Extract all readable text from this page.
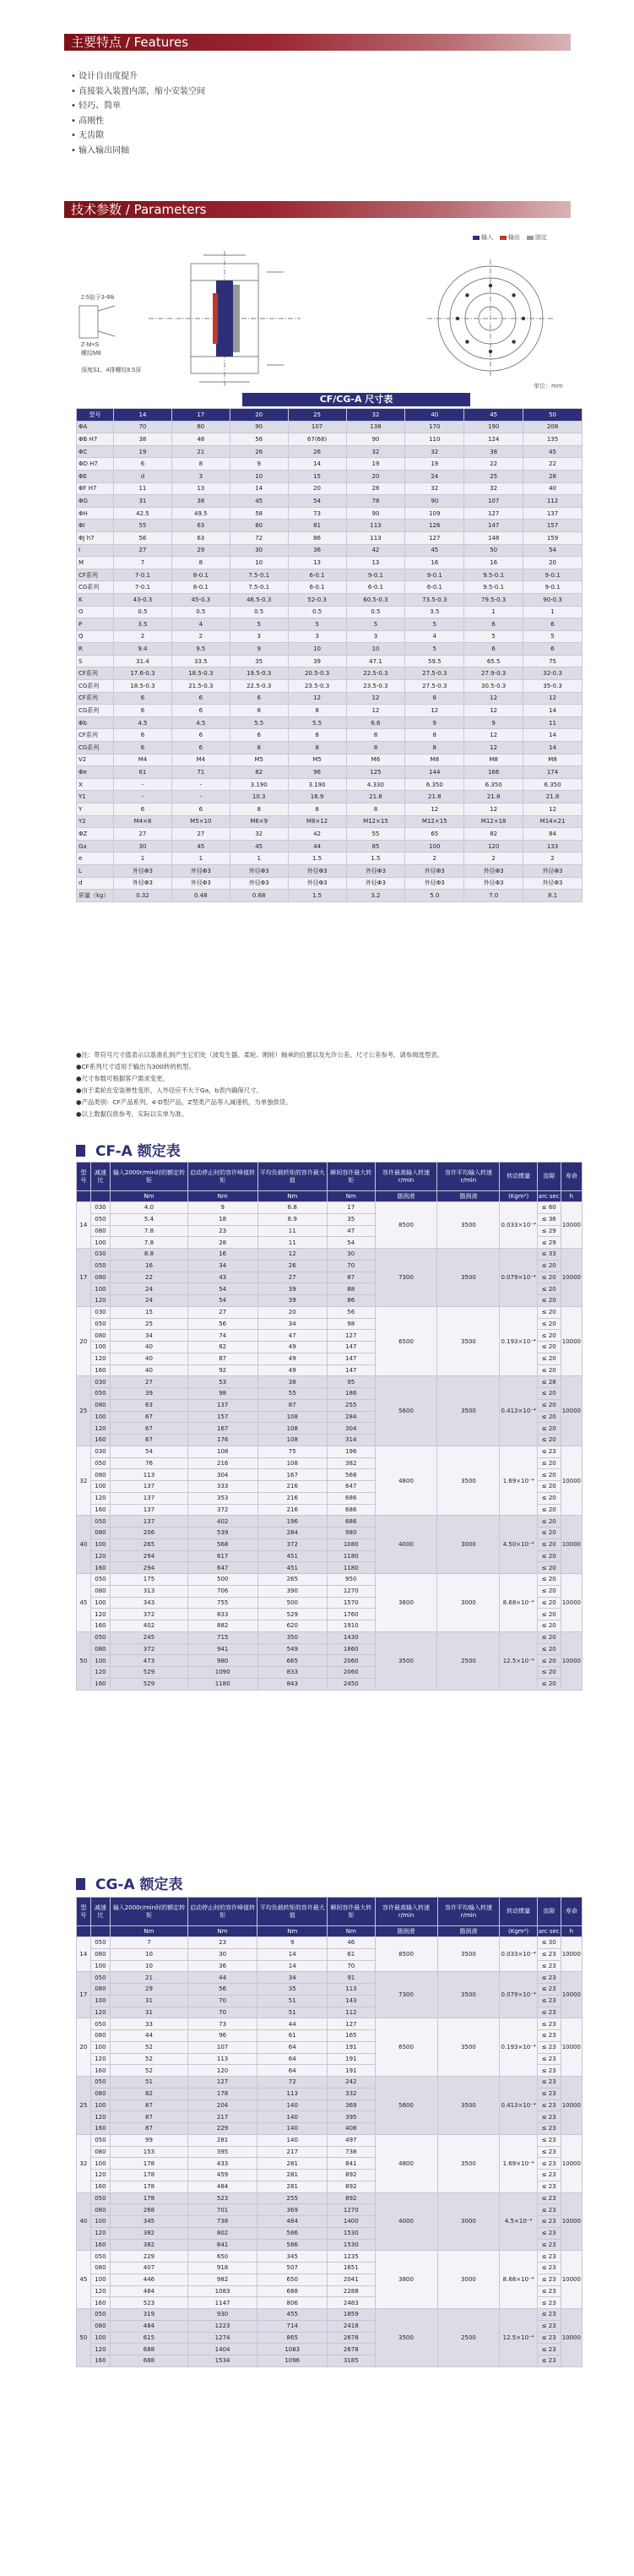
主要特点 / Features
• 设计自由度提升
• 直接装入装置内部，缩小安装空间
• 轻巧、简单
• 高刚性
• 无齿隙
• 输入输出同轴
技术参数 / Parameters
输入	输出	固定
2.5倍于3-Φb
Z-M×S
螺纹M8
深度S1、4排螺纹8.5深
单位：mm
CF/CG-A 尺寸表
型号	14	17	20	25	32	40	45	50
ΦA	70	80	90	107	138	170	190	208
ΦB H7	38	48	56	67(68)	90	110	124	135
ΦC	19	21	26	26	32	32	38	45
ΦD H7	6	8	9	14	19	19	22	22
ΦE	d	3	10	15	20	24	25	28
ΦF H7	11	13	14	20	28	32	32	40
ΦG	31	38	45	54	78	90	107	112
ΦH	42.5	49.5	58	73	90	109	127	137
ΦI	55	63	80	81	113	126	147	157
ΦJ h7	56	63	72	86	113	127	148	159
I	27	29	30	36	42	45	50	54
M	7	8	10	13	13	16	16	20
CF系列	7-0.1	8-0.1	7.5-0.1	6-0.1	9-0.1	9-0.1	9.5-0.1	9-0.1
CG系列	7-0.1	8-0.1	7.5-0.1	6-0.1	6-0.1	6-0.1	9.5-0.1	9-0.1
K	43-0.3	45-0.3	46.5-0.3	52-0.3	60.5-0.3	73.5-0.3	79.5-0.3	90-0.3
O	0.5	0.5	0.5	0.5	0.5	3.5	1	1
P	3.5	4	5	5	5	5	6	6
Q	2	2	3	3	3	4	5	5
R	9.4	9.5	9	10	10	5	6	6
S	31.4	33.5	35	39	47.1	59.5	65.5	75
CF系列	17.6-0.3	18.5-0.3	19.5-0.3	20.5-0.3	22.5-0.3	27.5-0.3	27.9-0.3	32-0.3
CG系列	18.5-0.3	21.5-0.3	22.5-0.3	23.5-0.3	23.5-0.3	27.5-0.3	30.5-0.3	35-0.3
CF系列	6	6	6	12	12	8	12	12
CG系列	6	6	8	8	12	12	12	14
Φb	4.5	4.5	5.5	5.5	6.6	9	9	11
CF系列	6	6	6	8	8	8	12	14
CG系列	6	6	8	8	8	8	12	14
V2	M4	M4	M5	M5	M6	M8	M8	M8
Φe	61	71	82	96	125	144	166	174
X	-	-	3.190	3.190	4.330	6.350	6.350	6.350
Y1	-	-	10.3	16.9	21.8	21.8	21.8	21.8
Y	6	6	8	8	8	12	12	12
Y2	M4×8	M5×10	M6×9	M8×12	M12×15	M12×15	M12×18	M14×21
ΦZ	27	27	32	42	55	65	82	84
Ga	30	45	45	44	85	100	120	133
e	1	1	1	1.5	1.5	2	2	2
L	外径Φ3	外径Φ3	外径Φ3	外径Φ3	外径Φ3	外径Φ3	外径Φ3	外径Φ3
d	外径Φ3	外径Φ3	外径Φ3	外径Φ3	外径Φ3	外径Φ3	外径Φ3	外径Φ3
质量（kg）	0.32	0.48	0.68	1.5	3.2	5.0	7.0	8.1
●注：带符号尺寸值表示以基准孔到产生它们处（波发生器、柔轮、刚轮）轴承的位置以及允许公差。尺寸公差参考，请参阅选型表。
●CF系列尺寸适用于输出为300转的机型。
●尺寸参数可根据客户需求变更。
●由于柔轮在安装弹性变形，入外径应不大于Ga，b表内确保尺寸。
●产品类别：CF产品系列、4-D型产品，Z型类产品等入减速机，为单独供货。
●以上数据仅供参考，实际以实单为准。
CF-A 额定表
型号	减速比	输入2000r/min时的额定转矩	启动停止时的容许峰值转矩	平均负载转矩的容许最大值	瞬间容许最大转矩	容许最高输入转速r/min	容许平均输入转速r/min	转动惯量	齿隙	寿命
		Nm	Nm	Nm	Nm	脂润滑	脂润滑	(Kgm²)	arc sec	h
14	030	4.0	9	6.8	17	8500	3500	0.033×10⁻⁴	≤ 60	10000
	050	5.4	18	6.9	35				≤ 36	
	080	7.8	23	11	47				≤ 29	
	100	7.8	28	11	54				≤ 29	
17	030	8.8	16	12	30	7300	3500	0.079×10⁻⁴	≤ 33	10000
	050	16	34	26	70				≤ 20	
	080	22	43	27	87				≤ 20	
	100	24	54	39	88				≤ 20	
	120	24	54	39	86				≤ 20	
20	030	15	27	20	56	6500	3500	0.193×10⁻⁴	≤ 20	10000
	050	25	56	34	98				≤ 20	
	080	34	74	47	127				≤ 20	
	100	40	82	49	147				≤ 20	
	120	40	87	49	147				≤ 20	
	160	40	92	49	147				≤ 20	
25	030	27	53	38	95	5600	3500	0.413×10⁻⁴	≤ 28	10000
	050	39	98	55	186				≤ 20	
	080	63	137	87	255				≤ 20	
	100	67	157	108	284				≤ 20	
	120	67	167	108	304				≤ 20	
	160	67	176	108	314				≤ 20	
32	030	54	108	75	196	4800	3500	1.69×10⁻⁴	≤ 23	10000
	050	76	216	108	382				≤ 20	
	080	113	304	167	568				≤ 20	
	100	137	333	216	647				≤ 20	
	120	137	353	216	686				≤ 20	
	160	137	372	216	686				≤ 20	
40	050	137	402	196	686	4000	3000	4.50×10⁻⁴	≤ 20	10000
	080	206	539	284	980				≤ 20	
	100	265	568	372	1080				≤ 20	
	120	294	617	451	1180				≤ 20	
	160	294	647	451	1180				≤ 20	
45	050	175	500	265	950	3800	3000	8.68×10⁻⁴	≤ 20	10000
	080	313	706	390	1270				≤ 20	
	100	343	755	500	1570				≤ 20	
	120	372	833	529	1760				≤ 20	
	160	402	882	620	1910				≤ 20	
50	050	245	715	350	1430	3500	2500	12.5×10⁻⁴	≤ 20	10000
	080	372	941	549	1860				≤ 20	
	100	473	980	665	2060				≤ 20	
	120	529	1090	833	2060				≤ 20	
	160	529	1180	843	2450				≤ 20	
CG-A 额定表
型号	减速比	输入2000r/min时的额定转矩	启动停止时的容许峰值转矩	平均负载转矩的容许最大值	瞬间容许最大转矩	容许最高输入转速r/min	容许平均输入转速r/min	转动惯量	齿隙	寿命
		Nm	Nm	Nm	Nm	脂润滑	脂润滑	(Kgm²)	arc sec	h
14	050	7	23	9	46	8500	3500	0.033×10⁻⁴	≤ 30	10000
	080	10	30	14	61				≤ 23	
	100	10	36	14	70				≤ 23	
17	050	21	44	34	91	7300	3500	0.079×10⁻⁴	≤ 23	10000
	080	29	56	35	113				≤ 23	
	100	31	70	51	143				≤ 23	
	120	31	70	51	112				≤ 23	
20	050	33	73	44	127	6500	3500	0.193×10⁻⁴	≤ 23	10000
	080	44	96	61	165				≤ 23	
	100	52	107	64	191				≤ 23	
	120	52	113	64	191				≤ 23	
	160	52	120	64	191				≤ 23	
25	050	51	127	72	242	5600	3500	0.413×10⁻⁴	≤ 23	10000
	080	82	178	113	332				≤ 23	
	100	87	204	140	369				≤ 23	
	120	87	217	140	395				≤ 23	
	160	87	229	140	408				≤ 23	
32	050	99	281	140	497	4800	3500	1.69×10⁻⁴	≤ 23	10000
	080	153	395	217	738				≤ 23	
	100	178	433	281	841				≤ 23	
	120	178	459	281	892				≤ 23	
	160	178	484	281	892				≤ 23	
40	050	178	523	255	892	4000	3000	4.5×10⁻⁴	≤ 23	10000
	080	268	701	369	1270				≤ 23	
	100	345	738	484	1400				≤ 23	
	120	382	802	586	1530				≤ 23	
	160	382	841	586	1530				≤ 23	
45	050	229	650	345	1235	3800	3000	8.68×10⁻⁴	≤ 23	10000
	080	407	918	507	1651				≤ 23	
	100	446	982	650	2041				≤ 23	
	120	484	1083	688	2288				≤ 23	
	160	523	1147	806	2483				≤ 23	
50	050	319	930	455	1859	3500	2500	12.5×10⁻⁴	≤ 23	10000
	080	484	1223	714	2418				≤ 23	
	100	615	1274	865	2678				≤ 23	
	120	688	1404	1083	2678				≤ 23	
	160	688	1534	1096	3185				≤ 23	
